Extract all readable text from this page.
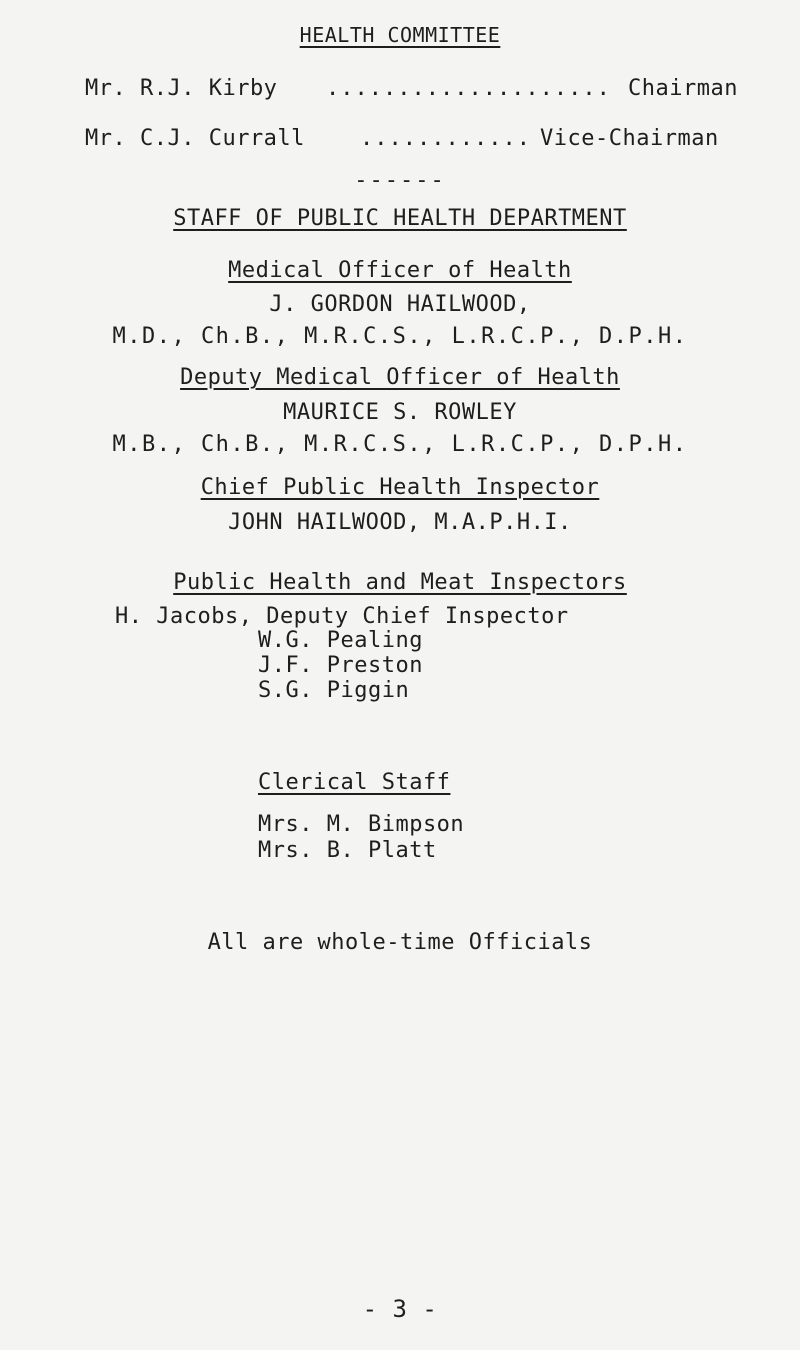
HEALTH COMMITTEE
Mr. R.J. Kirby .................... Chairman
Mr. C.J. Currall	............ Vice-Chairman
------
STAFF OF PUBLIC HEALTH DEPARTMENT
Medical Officer of Health
J. GORDON HAILWOOD,
M.D., Ch.B., M.R.C.S., L.R.C.P., D.P.H.
Deputy Medical Officer of Health
MAURICE S. ROWLEY
M.B., Ch.B., M.R.C.S., L.R.C.P., D.P.H.
Chief Public Health Inspector
JOHN HAILWOOD, M.A.P.H.I.
Public Health and Meat Inspectors
H. Jacobs, Deputy Chief Inspector
W.G. Pealing
J.F. Preston
S.G. Piggin
Clerical Staff
Mrs. M. Bimpson
Mrs. B. Platt
All are whole-time Officials
- 3 -
